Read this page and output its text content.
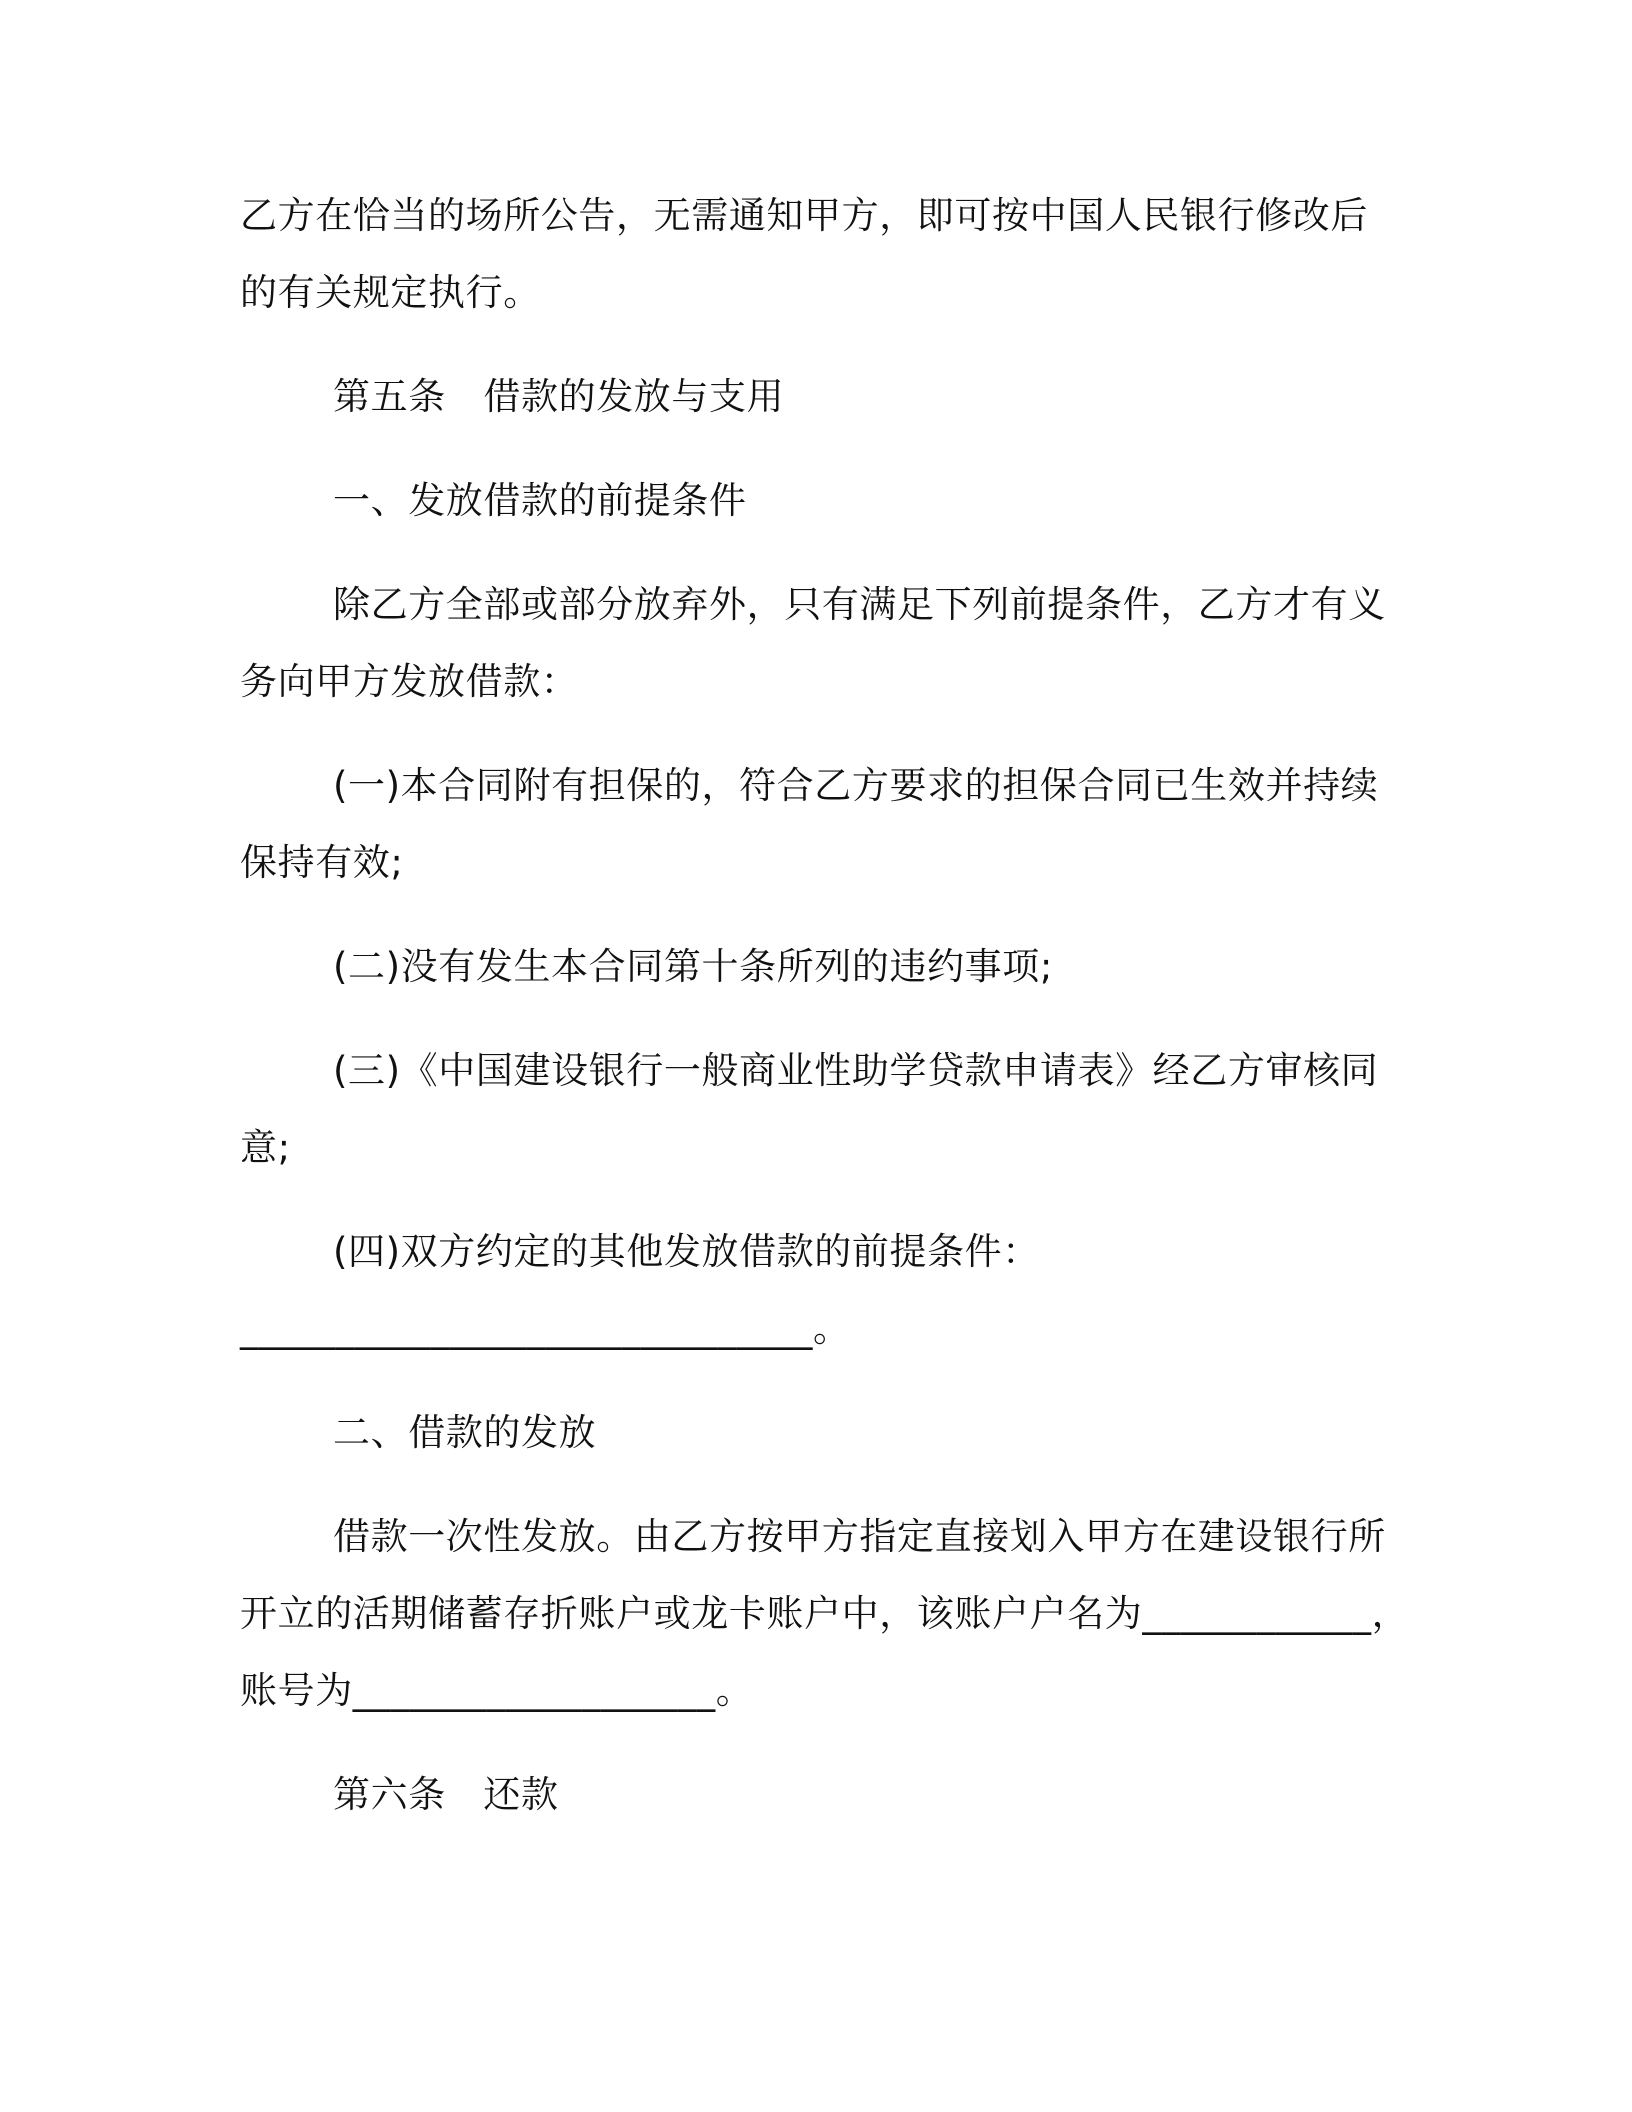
乙方在恰当的场所公告，无需通知甲方，即可按中国人民银行修改后

的有关规定执行。

第五条　借款的发放与支用

一、发放借款的前提条件

除乙方全部或部分放弃外，只有满足下列前提条件，乙方才有义

务向甲方发放借款：

(一)本合同附有担保的，符合乙方要求的担保合同已生效并持续

保持有效;

(二)没有发生本合同第十条所列的违约事项;

(三)《中国建设银行一般商业性助学贷款申请表》经乙方审核同

意;

(四)双方约定的其他发放借款的前提条件：

______________________________。

二、借款的发放

借款一次性发放。由乙方按甲方指定直接划入甲方在建设银行所

开立的活期储蓄存折账户或龙卡账户中，该账户户名为____________，

账号为___________________。

第六条　还款
